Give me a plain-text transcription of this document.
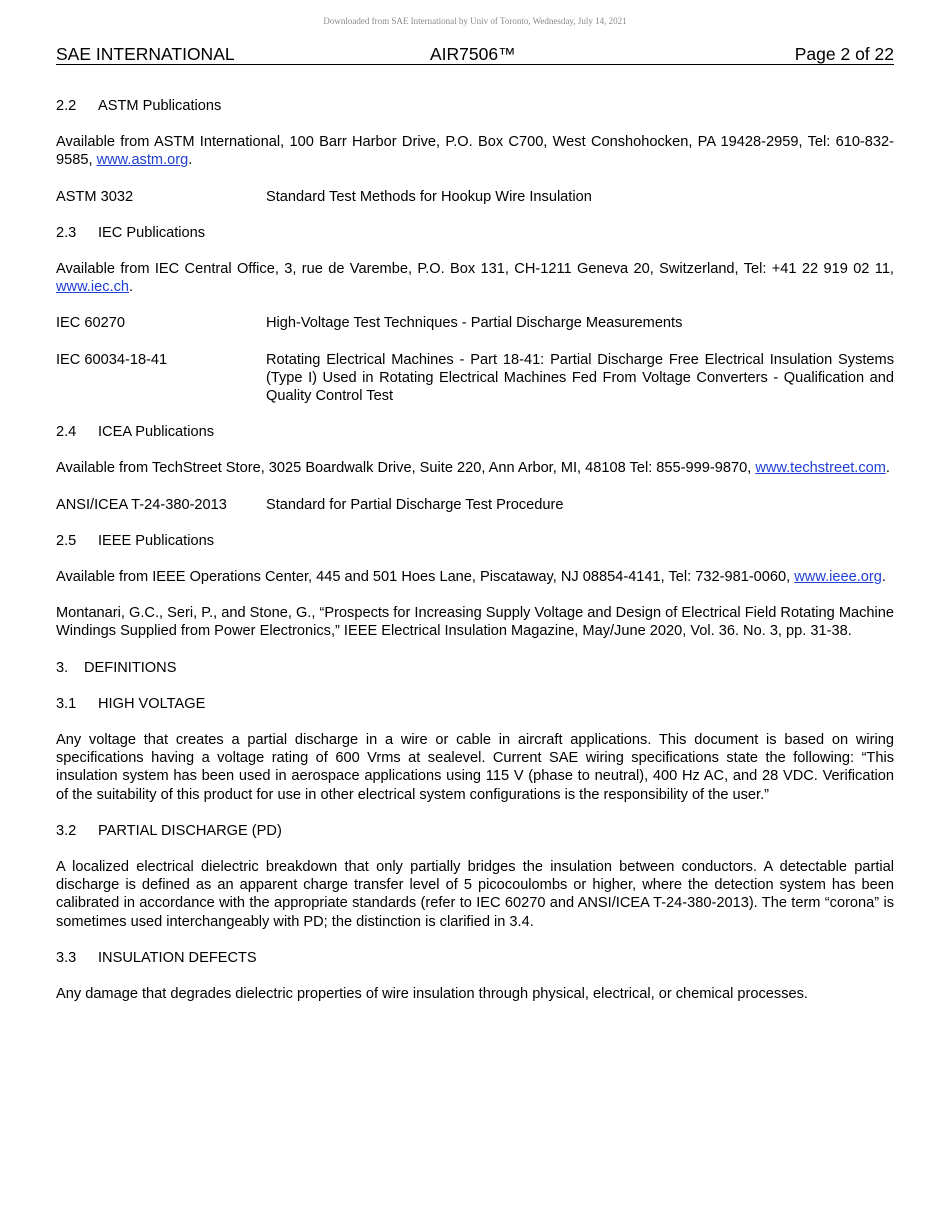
Downloaded from SAE International by Univ of Toronto, Wednesday, July 14, 2021
SAE INTERNATIONAL	AIR7506™	Page 2 of 22

2.2	ASTM Publications

Available from ASTM International, 100 Barr Harbor Drive, P.O. Box C700, West Conshohocken, PA 19428-2959, Tel: 610-832-9585, www.astm.org.

ASTM 3032	Standard Test Methods for Hookup Wire Insulation

2.3	IEC Publications

Available from IEC Central Office, 3, rue de Varembe, P.O. Box 131, CH-1211 Geneva 20, Switzerland, Tel: +41 22 919 02 11, www.iec.ch.

IEC 60270	High-Voltage Test Techniques - Partial Discharge Measurements
IEC 60034-18-41	Rotating Electrical Machines - Part 18-41: Partial Discharge Free Electrical Insulation Systems (Type I) Used in Rotating Electrical Machines Fed From Voltage Converters - Qualification and Quality Control Test

2.4	ICEA Publications

Available from TechStreet Store, 3025 Boardwalk Drive, Suite 220, Ann Arbor, MI, 48108 Tel: 855-999-9870, www.techstreet.com.

ANSI/ICEA T-24-380-2013	Standard for Partial Discharge Test Procedure

2.5	IEEE Publications

Available from IEEE Operations Center, 445 and 501 Hoes Lane, Piscataway, NJ 08854-4141, Tel: 732-981-0060, www.ieee.org.

Montanari, G.C., Seri, P., and Stone, G., “Prospects for Increasing Supply Voltage and Design of Electrical Field Rotating Machine Windings Supplied from Power Electronics,” IEEE Electrical Insulation Magazine, May/June 2020, Vol. 36. No. 3, pp. 31-38.

3.	DEFINITIONS

3.1	HIGH VOLTAGE

Any voltage that creates a partial discharge in a wire or cable in aircraft applications. This document is based on wiring specifications having a voltage rating of 600 Vrms at sealevel. Current SAE wiring specifications state the following: “This insulation system has been used in aerospace applications using 115 V (phase to neutral), 400 Hz AC, and 28 VDC. Verification of the suitability of this product for use in other electrical system configurations is the responsibility of the user.”

3.2	PARTIAL DISCHARGE (PD)

A localized electrical dielectric breakdown that only partially bridges the insulation between conductors. A detectable partial discharge is defined as an apparent charge transfer level of 5 picocoulombs or higher, where the detection system has been calibrated in accordance with the appropriate standards (refer to IEC 60270 and ANSI/ICEA T-24-380-2013). The term “corona” is sometimes used interchangeably with PD; the distinction is clarified in 3.4.

3.3	INSULATION DEFECTS

Any damage that degrades dielectric properties of wire insulation through physical, electrical, or chemical processes.
